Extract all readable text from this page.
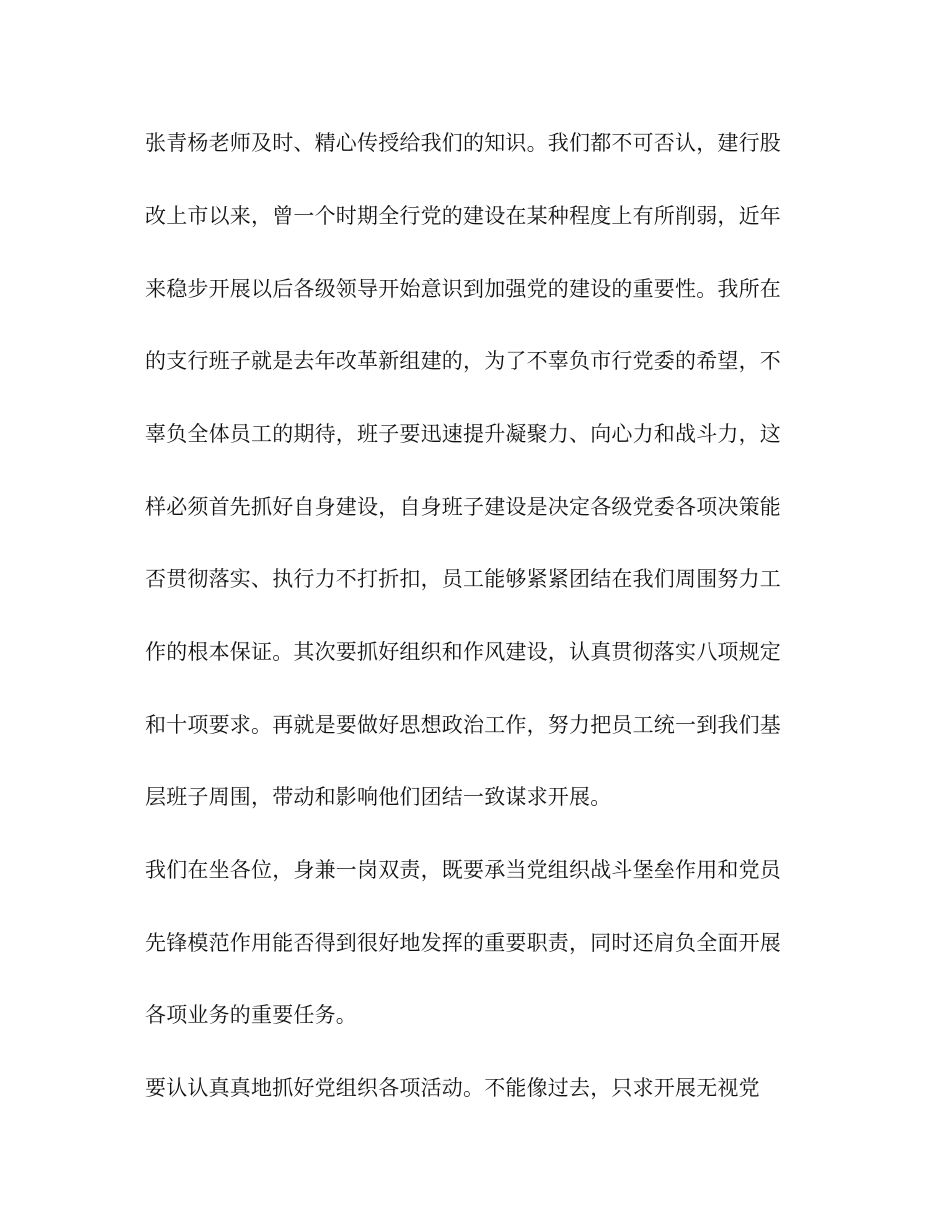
张青杨老师及时、精心传授给我们的知识。我们都不可否认，建行股
改上市以来，曾一个时期全行党的建设在某种程度上有所削弱，近年
来稳步开展以后各级领导开始意识到加强党的建设的重要性。我所在
的支行班子就是去年改革新组建的，为了不辜负市行党委的希望，不
辜负全体员工的期待，班子要迅速提升凝聚力、向心力和战斗力，这
样必须首先抓好自身建设，自身班子建设是决定各级党委各项决策能
否贯彻落实、执行力不打折扣，员工能够紧紧团结在我们周围努力工
作的根本保证。其次要抓好组织和作风建设，认真贯彻落实八项规定
和十项要求。再就是要做好思想政治工作，努力把员工统一到我们基
层班子周围，带动和影响他们团结一致谋求开展。
我们在坐各位，身兼一岗双责，既要承当党组织战斗堡垒作用和党员
先锋模范作用能否得到很好地发挥的重要职责，同时还肩负全面开展
各项业务的重要任务。
要认认真真地抓好党组织各项活动。不能像过去，只求开展无视党
